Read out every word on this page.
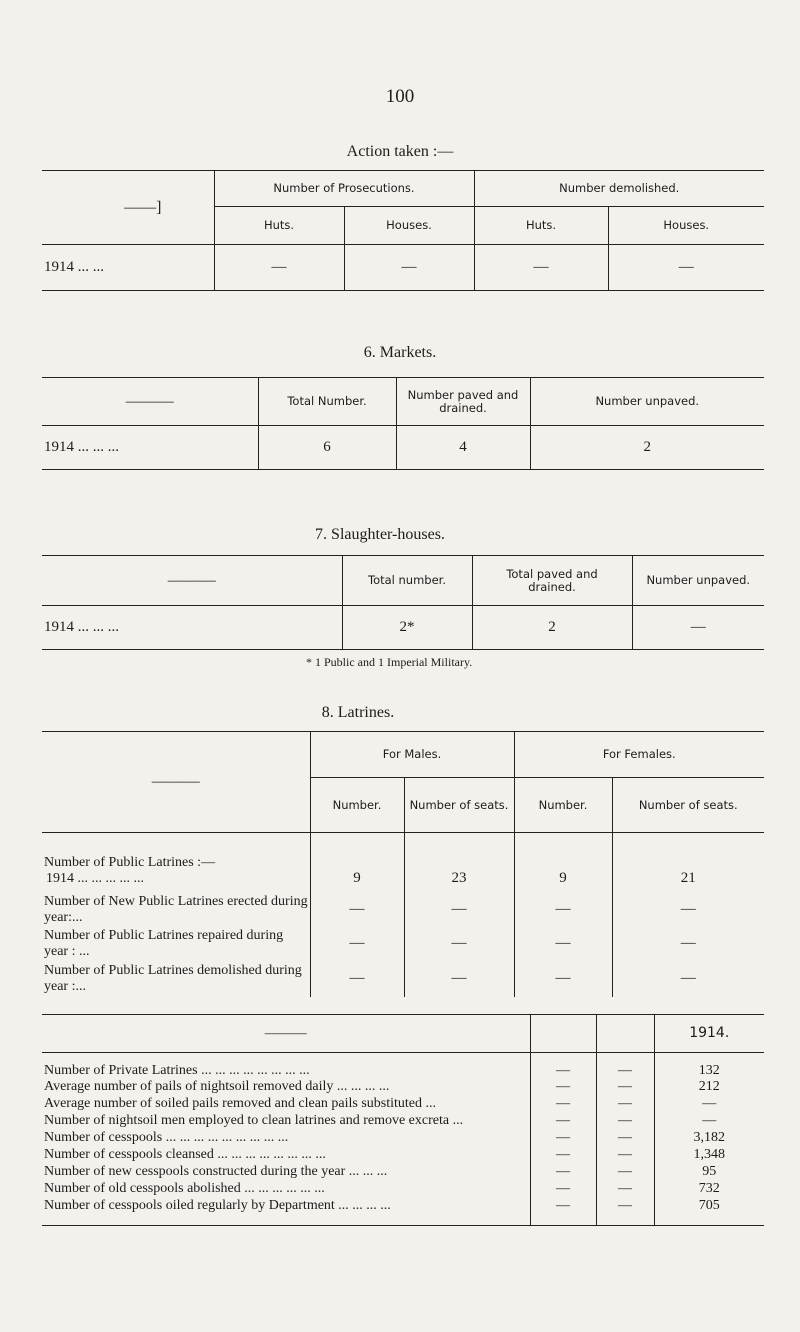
100
Action taken :—
——]	Number of Prosecutions.		Number demolished.	
	Huts.	Houses.	Huts.	Houses.
1914 ... ...	—	—	—	—
6. Markets.
———	Total Number.	Number paved and drained.	Number unpaved.
1914 ... ... ...	6	4	2
7. Slaughter-houses.
———	Total number.	Total paved and drained.	Number unpaved.
1914 ... ... ...	2*	2	—
* 1 Public and 1 Imperial Military.
8. Latrines.
———	For Males.		For Females.	
	Number.	Number of seats.	Number.	Number of seats.

Number of Public Latrines :—
1914 ... ... ... ... ...	9	23	9	21
Number of New Public Latrines erected during year:...	—	—	—	—
Number of Public Latrines repaired during year : ...	—	—	—	—
Number of Public Latrines demolished during year :...	—	—	—	—
———			1914.
Number of Private Latrines ... ... ... ... ... ... ... ...	—	—	132
Average number of pails of nightsoil removed daily ... ... ... ...	—	—	212
Average number of soiled pails removed and clean pails substituted ...	—	—	—
Number of nightsoil men employed to clean latrines and remove excreta ...	—	—	—
Number of cesspools ... ... ... ... ... ... ... ... ...	—	—	3,182
Number of cesspools cleansed ... ... ... ... ... ... ... ...	—	—	1,348
Number of new cesspools constructed during the year ... ... ...	—	—	95
Number of old cesspools abolished ... ... ... ... ... ...	—	—	732
Number of cesspools oiled regularly by Department ... ... ... ...	—	—	705
